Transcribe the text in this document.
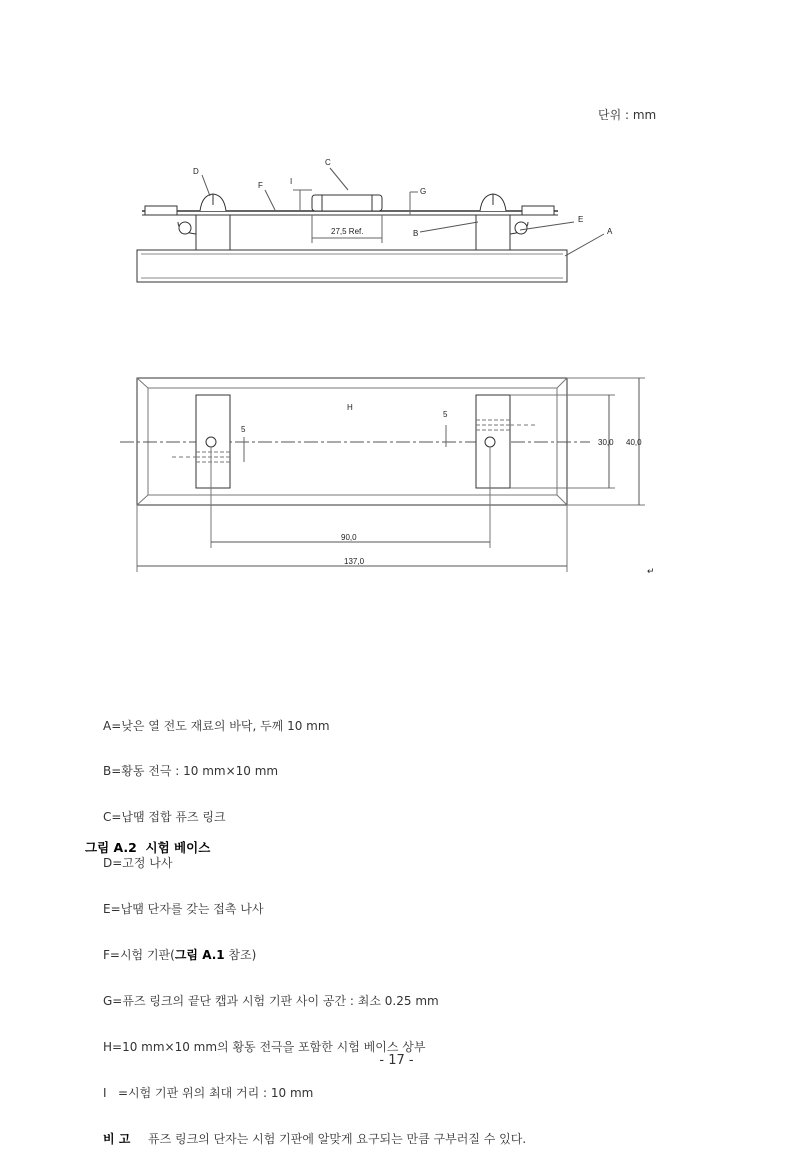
단위 : mm
D
F	I
C
G
B
E
A
27,5 Ref.
H
5
5
30,0 40,0
90,0
137,0
↵

A=낮은 열 전도 재료의 바닥, 두께 10 mm

B=황동 전극 : 10 mm×10 mm

C=납땜 접합 퓨즈 링크

D=고정 나사

E=납땜 단자를 갖는 접촉 나사

F=시험 기판(그림 A.1 참조)

G=퓨즈 링크의 끝단 캡과 시험 기판 사이 공간 : 최소 0.25 mm

H=10 mm×10 mm의 황동 전극을 포함한 시험 베이스 상부

I   =시험 기판 위의 최대 거리 : 10 mm

비 고 퓨즈 링크의 단자는 시험 기판에 알맞게 요구되는 만큼 구부러질 수 있다.

그림 A.2  시험 베이스
- 17 -
